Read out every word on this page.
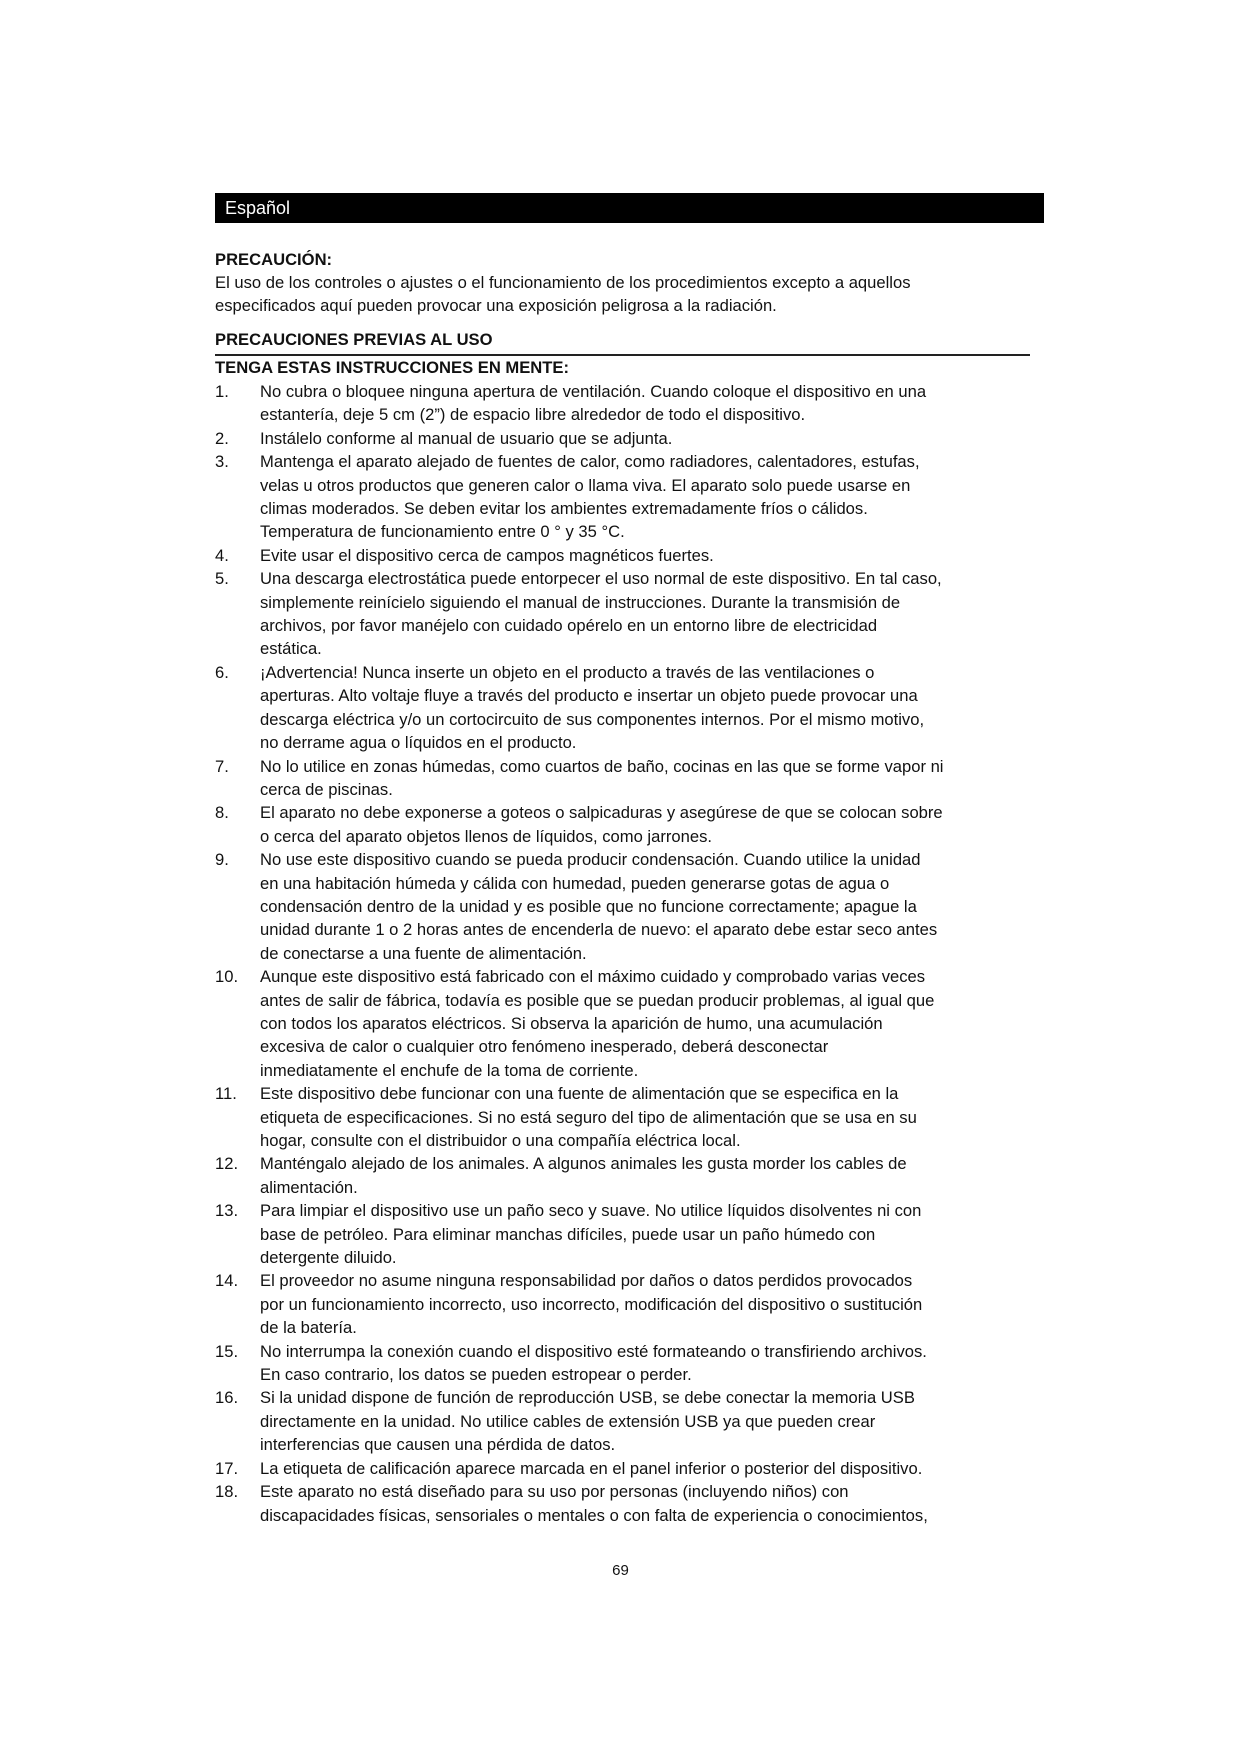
Español
PRECAUCIÓN:
El uso de los controles o ajustes o el funcionamiento de los procedimientos excepto a aquellos
especificados aquí pueden provocar una exposición peligrosa a la radiación.
PRECAUCIONES PREVIAS AL USO
TENGA ESTAS INSTRUCCIONES EN MENTE:
1.	No cubra o bloquee ninguna apertura de ventilación. Cuando coloque el dispositivo en una
estantería, deje 5 cm (2”) de espacio libre alrededor de todo el dispositivo.
2.	Instálelo conforme al manual de usuario que se adjunta.
3.	Mantenga el aparato alejado de fuentes de calor, como radiadores, calentadores, estufas,
velas u otros productos que generen calor o llama viva. El aparato solo puede usarse en
climas moderados. Se deben evitar los ambientes extremadamente fríos o cálidos.
Temperatura de funcionamiento entre 0 ° y 35 °C.
4.	Evite usar el dispositivo cerca de campos magnéticos fuertes.
5.	Una descarga electrostática puede entorpecer el uso normal de este dispositivo. En tal caso,
simplemente reinícielo siguiendo el manual de instrucciones. Durante la transmisión de
archivos, por favor manéjelo con cuidado opérelo en un entorno libre de electricidad
estática.
6.	¡Advertencia! Nunca inserte un objeto en el producto a través de las ventilaciones o
aperturas. Alto voltaje fluye a través del producto e insertar un objeto puede provocar una
descarga eléctrica y/o un cortocircuito de sus componentes internos. Por el mismo motivo,
no derrame agua o líquidos en el producto.
7.	No lo utilice en zonas húmedas, como cuartos de baño, cocinas en las que se forme vapor ni
cerca de piscinas.
8.	El aparato no debe exponerse a goteos o salpicaduras y asegúrese de que se colocan sobre
o cerca del aparato objetos llenos de líquidos, como jarrones.
9.	No use este dispositivo cuando se pueda producir condensación. Cuando utilice la unidad
en una habitación húmeda y cálida con humedad, pueden generarse gotas de agua o
condensación dentro de la unidad y es posible que no funcione correctamente; apague la
unidad durante 1 o 2 horas antes de encenderla de nuevo: el aparato debe estar seco antes
de conectarse a una fuente de alimentación.
10.	Aunque este dispositivo está fabricado con el máximo cuidado y comprobado varias veces
antes de salir de fábrica, todavía es posible que se puedan producir problemas, al igual que
con todos los aparatos eléctricos. Si observa la aparición de humo, una acumulación
excesiva de calor o cualquier otro fenómeno inesperado, deberá desconectar
inmediatamente el enchufe de la toma de corriente.
11.	Este dispositivo debe funcionar con una fuente de alimentación que se especifica en la
etiqueta de especificaciones. Si no está seguro del tipo de alimentación que se usa en su
hogar, consulte con el distribuidor o una compañía eléctrica local.
12.	Manténgalo alejado de los animales. A algunos animales les gusta morder los cables de
alimentación.
13.	Para limpiar el dispositivo use un paño seco y suave. No utilice líquidos disolventes ni con
base de petróleo. Para eliminar manchas difíciles, puede usar un paño húmedo con
detergente diluido.
14.	El proveedor no asume ninguna responsabilidad por daños o datos perdidos provocados
por un funcionamiento incorrecto, uso incorrecto, modificación del dispositivo o sustitución
de la batería.
15.	No interrumpa la conexión cuando el dispositivo esté formateando o transfiriendo archivos.
En caso contrario, los datos se pueden estropear o perder.
16.	Si la unidad dispone de función de reproducción USB, se debe conectar la memoria USB
directamente en la unidad. No utilice cables de extensión USB ya que pueden crear
interferencias que causen una pérdida de datos.
17.	La etiqueta de calificación aparece marcada en el panel inferior o posterior del dispositivo.
18.	Este aparato no está diseñado para su uso por personas (incluyendo niños) con
discapacidades físicas, sensoriales o mentales o con falta de experiencia o conocimientos,
69
